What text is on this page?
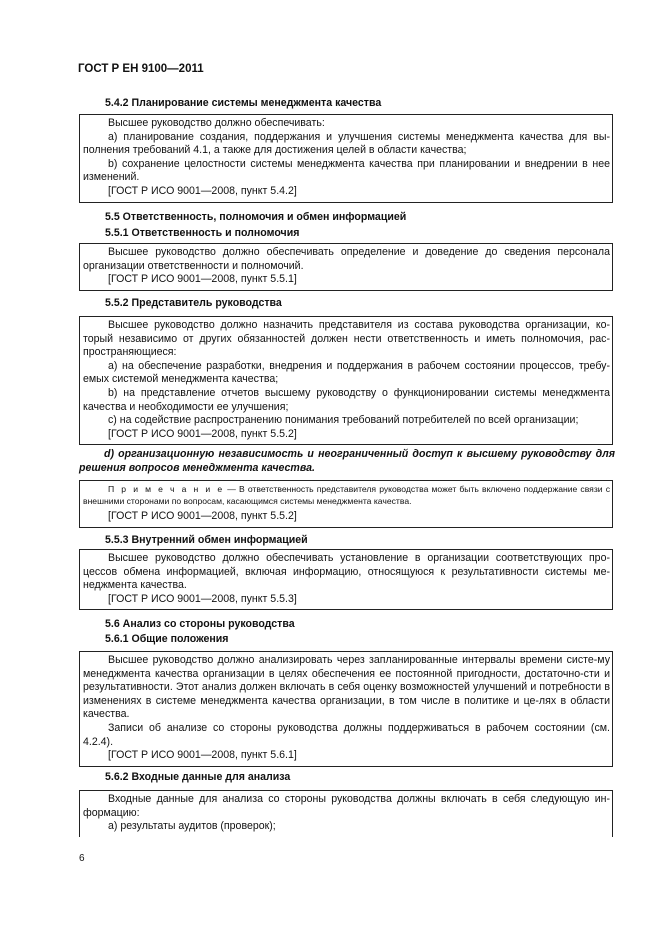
ГОСТ Р ЕН 9100—2011
5.4.2 Планирование системы менеджмента качества

Высшее руководство должно обеспечивать:

a) планирование создания, поддержания и улучшения системы менеджмента качества для вы-полнения требований 4.1, а также для достижения целей в области качества;

b) сохранение целостности системы менеджмента качества при планировании и внедрении в нее изменений.

[ГОСТ Р ИСО 9001—2008, пункт 5.4.2]

5.5 Ответственность, полномочия и обмен информацией
5.5.1 Ответственность и полномочия

Высшее руководство должно обеспечивать определение и доведение до сведения персонала организации ответственности и полномочий.

[ГОСТ Р ИСО 9001—2008, пункт 5.5.1]

5.5.2 Представитель руководства

Высшее руководство должно назначить представителя из состава руководства организации, ко-торый независимо от других обязанностей должен нести ответственность и иметь полномочия, рас-пространяющиеся:

a) на обеспечение разработки, внедрения и поддержания в рабочем состоянии процессов, требу-емых системой менеджмента качества;

b) на представление отчетов высшему руководству о функционировании системы менеджмента качества и необходимости ее улучшения;

c) на содействие распространению понимания требований потребителей по всей организации;

[ГОСТ Р ИСО 9001—2008, пункт 5.5.2]

d) организационную независимость и неограниченный доступ к высшему руководству для решения вопросов менеджмента качества.

П р и м е ч а н и е — В ответственность представителя руководства может быть включено поддержание связи с внешними сторонами по вопросам, касающимся системы менеджмента качества.

[ГОСТ Р ИСО 9001—2008, пункт 5.5.2]

5.5.3 Внутренний обмен информацией

Высшее руководство должно обеспечивать установление в организации соответствующих про-цессов обмена информацией, включая информацию, относящуюся к результативности системы ме-неджмента качества.

[ГОСТ Р ИСО 9001—2008, пункт 5.5.3]

5.6 Анализ со стороны руководства
5.6.1 Общие положения

Высшее руководство должно анализировать через запланированные интервалы времени систе-му менеджмента качества организации в целях обеспечения ее постоянной пригодности, достаточно-сти и результативности. Этот анализ должен включать в себя оценку возможностей улучшений и потребности в изменениях в системе менеджмента качества организации, в том числе в политике и це-лях в области качества.

Записи об анализе со стороны руководства должны поддерживаться в рабочем состоянии (см. 4.2.4).

[ГОСТ Р ИСО 9001—2008, пункт 5.6.1]

5.6.2 Входные данные для анализа

Входные данные для анализа со стороны руководства должны включать в себя следующую ин-формацию:

a) результаты аудитов (проверок);

6
